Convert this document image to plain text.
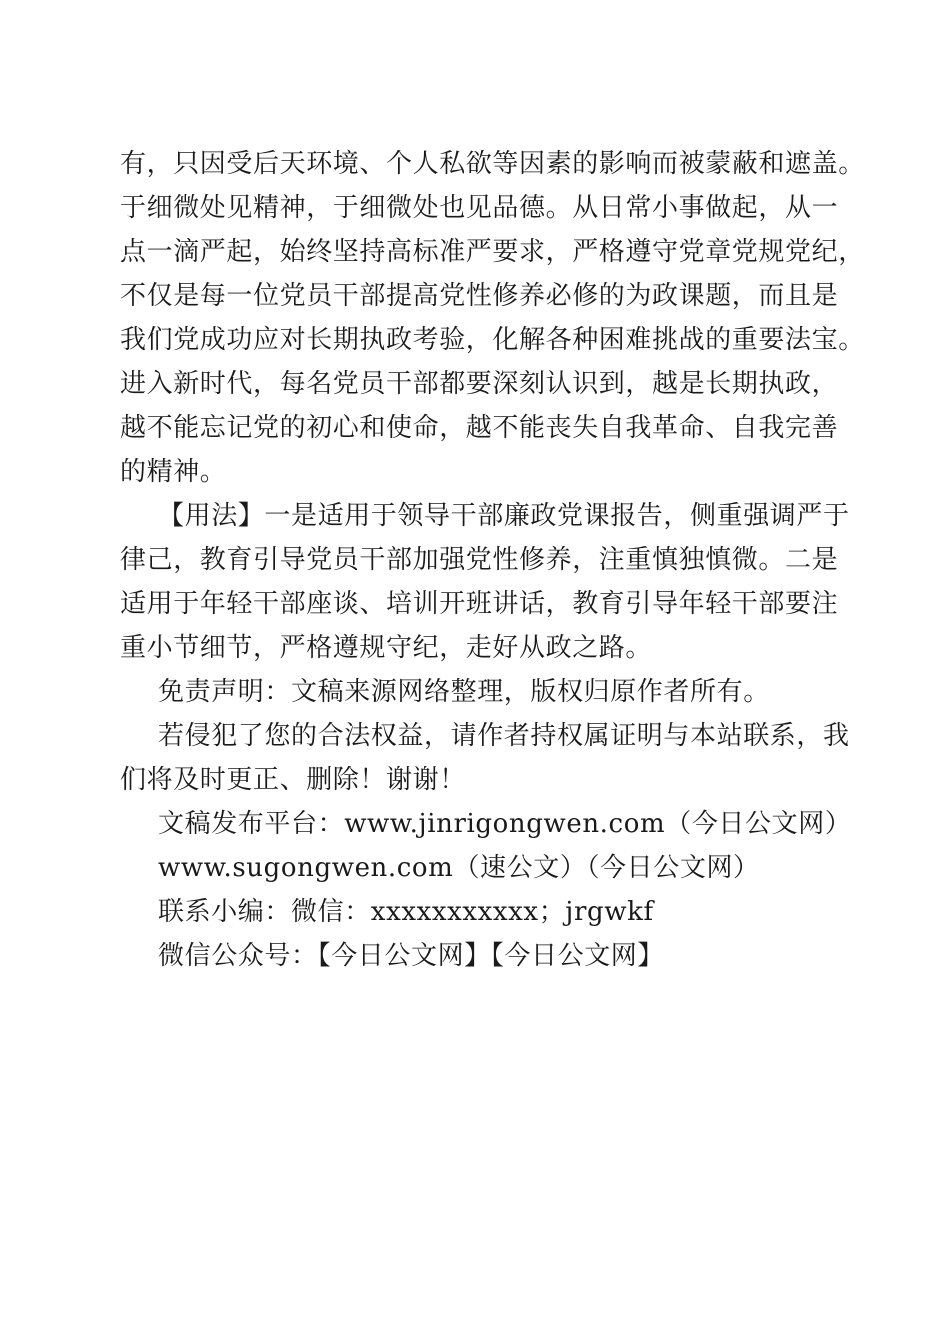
有，只因受后天环境、个人私欲等因素的影响而被蒙蔽和遮盖。
于细微处见精神，于细微处也见品德。从日常小事做起，从一
点一滴严起，始终坚持高标准严要求，严格遵守党章党规党纪，
不仅是每一位党员干部提高党性修养必修的为政课题，而且是
我们党成功应对长期执政考验，化解各种困难挑战的重要法宝。
进入新时代，每名党员干部都要深刻认识到，越是长期执政，
越不能忘记党的初心和使命，越不能丧失自我革命、自我完善
的精神。
【用法】一是适用于领导干部廉政党课报告，侧重强调严于
律己，教育引导党员干部加强党性修养，注重慎独慎微。二是
适用于年轻干部座谈、培训开班讲话，教育引导年轻干部要注
重小节细节，严格遵规守纪，走好从政之路。
免责声明：文稿来源网络整理，版权归原作者所有。
若侵犯了您的合法权益，请作者持权属证明与本站联系，我
们将及时更正、删除！谢谢！
文稿发布平台：www.jinrigongwen.com（今日公文网）
www.sugongwen.com（速公文）（今日公文网）
联系小编：微信：xxxxxxxxxxx；jrgwkf
微信公众号：【今日公文网】【今日公文网】
